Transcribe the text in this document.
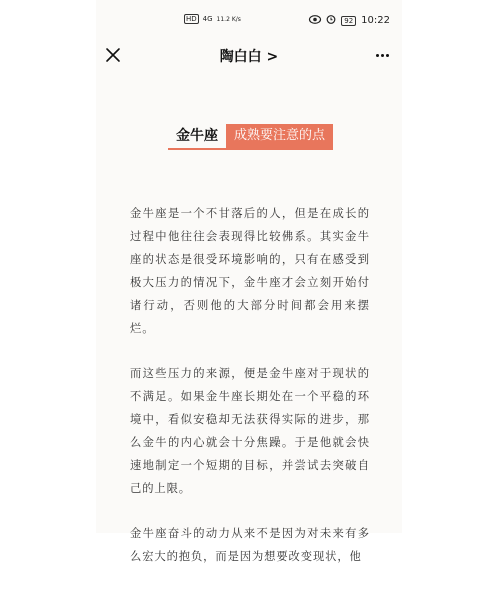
HD 4G 11.2 K/s	92 10:22
陶白白 >
金牛座	成熟要注意的点

金牛座是一个不甘落后的人，但是在成长的过程中他往往会表现得比较佛系。其实金牛座的状态是很受环境影响的，只有在感受到极大压力的情况下，金牛座才会立刻开始付诸行动，否则他的大部分时间都会用来摆烂。

而这些压力的来源，便是金牛座对于现状的不满足。如果金牛座长期处在一个平稳的环境中，看似安稳却无法获得实际的进步，那么金牛的内心就会十分焦躁。于是他就会快速地制定一个短期的目标，并尝试去突破自己的上限。

金牛座奋斗的动力从来不是因为对未来有多么宏大的抱负，而是因为想要改变现状，他
